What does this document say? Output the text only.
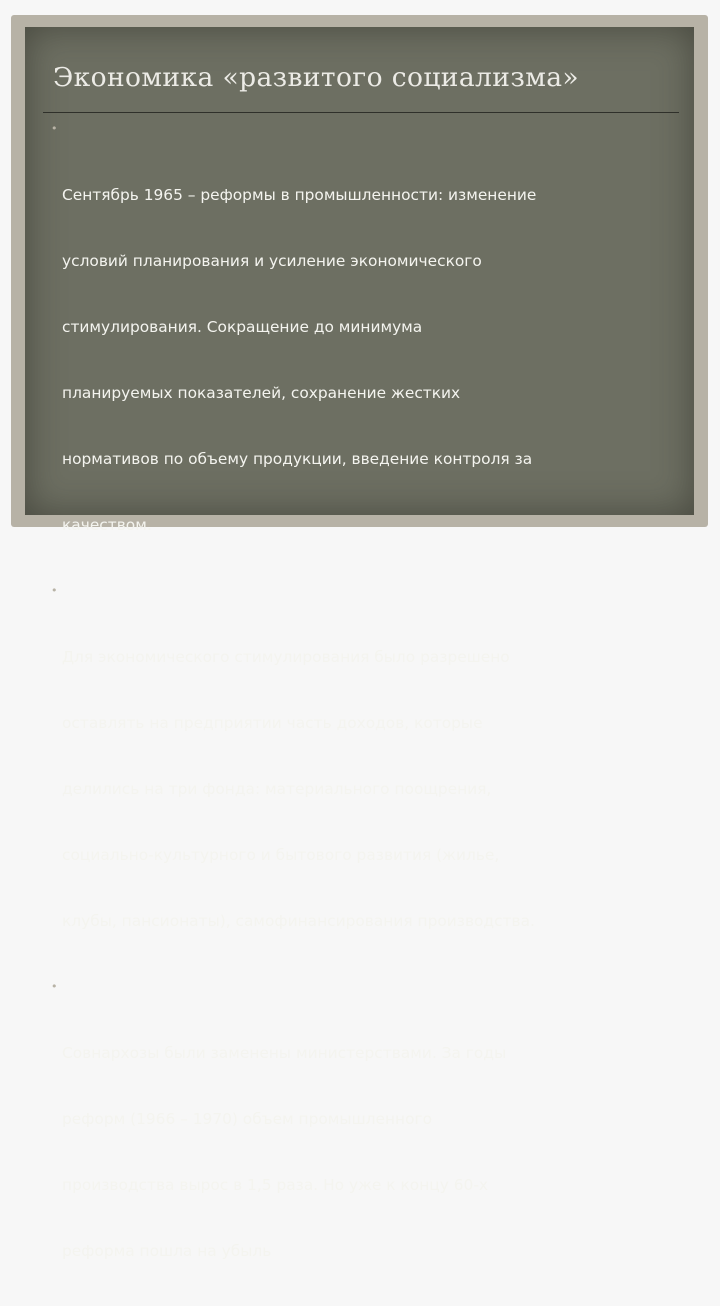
Экономика «развитого социализма»

•

Сентябрь 1965 – реформы в промышленности: изменение

условий планирования и усиление экономического

стимулирования. Сокращение до минимума

планируемых показателей, сохранение жестких

нормативов по объему продукции, введение контроля за

качеством.

•

Для экономического стимулирования было разрешено

оставлять на предприятии часть доходов, которые

делились на три фонда: материального поощрения,

социально-культурного и бытового развития (жилье,

клубы, пансионаты), самофинансирования производства.

•

Совнархозы были заменены министерствами. За годы

реформ (1966 – 1970) объем промышленного

производства вырос в 1,5 раза. Но уже к концу 60-х

реформа пошла на убыль
